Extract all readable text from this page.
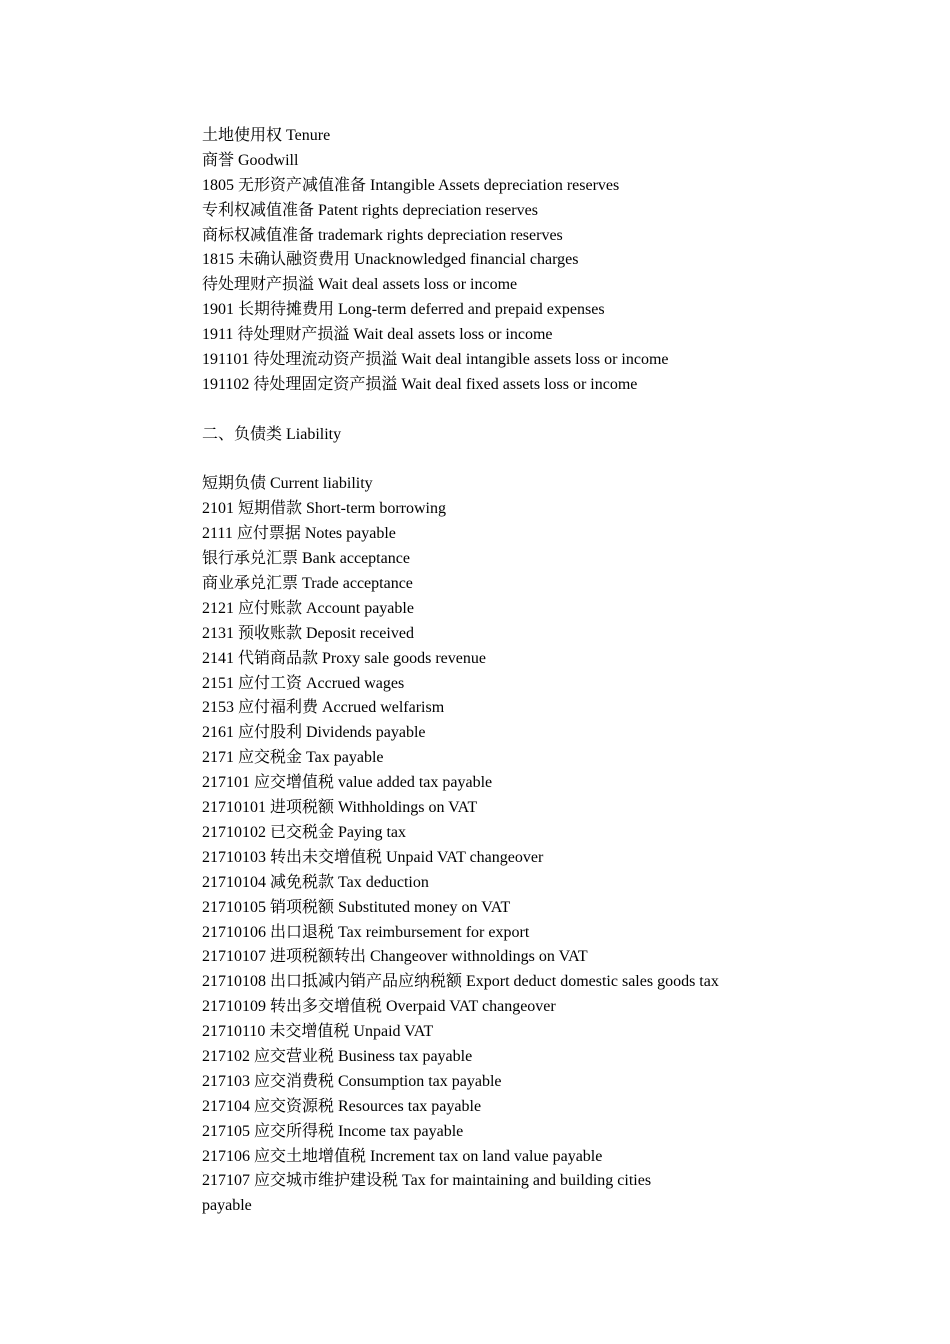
土地使用权 Tenure
商誉 Goodwill
1805 无形资产减值准备 Intangible Assets depreciation reserves
专利权减值准备 Patent rights depreciation reserves
商标权减值准备 trademark rights depreciation reserves
1815 未确认融资费用 Unacknowledged financial charges
待处理财产损溢 Wait deal assets loss or income
1901 长期待摊费用 Long-term deferred and prepaid expenses
1911 待处理财产损溢 Wait deal assets loss or income
191101 待处理流动资产损溢 Wait deal intangible assets loss or income
191102 待处理固定资产损溢 Wait deal fixed assets loss or income
二、负债类 Liability
短期负债 Current liability
2101 短期借款 Short-term borrowing
2111 应付票据 Notes payable
银行承兑汇票 Bank acceptance
商业承兑汇票 Trade acceptance
2121 应付账款 Account payable
2131 预收账款 Deposit received
2141 代销商品款 Proxy sale goods revenue
2151 应付工资 Accrued wages
2153 应付福利费 Accrued welfarism
2161 应付股利 Dividends payable
2171 应交税金 Tax payable
217101 应交增值税 value added tax payable
21710101 进项税额 Withholdings on VAT
21710102 已交税金 Paying tax
21710103 转出未交增值税 Unpaid VAT changeover
21710104 减免税款 Tax deduction
21710105 销项税额 Substituted money on VAT
21710106 出口退税 Tax reimbursement for export
21710107 进项税额转出 Changeover withnoldings on VAT
21710108 出口抵减内销产品应纳税额 Export deduct domestic sales goods tax
21710109 转出多交增值税 Overpaid VAT changeover
21710110 未交增值税 Unpaid VAT
217102 应交营业税 Business tax payable
217103 应交消费税 Consumption tax payable
217104 应交资源税 Resources tax payable
217105 应交所得税 Income tax payable
217106 应交土地增值税 Increment tax on land value payable
217107 应交城市维护建设税 Tax for maintaining and building cities
payable
